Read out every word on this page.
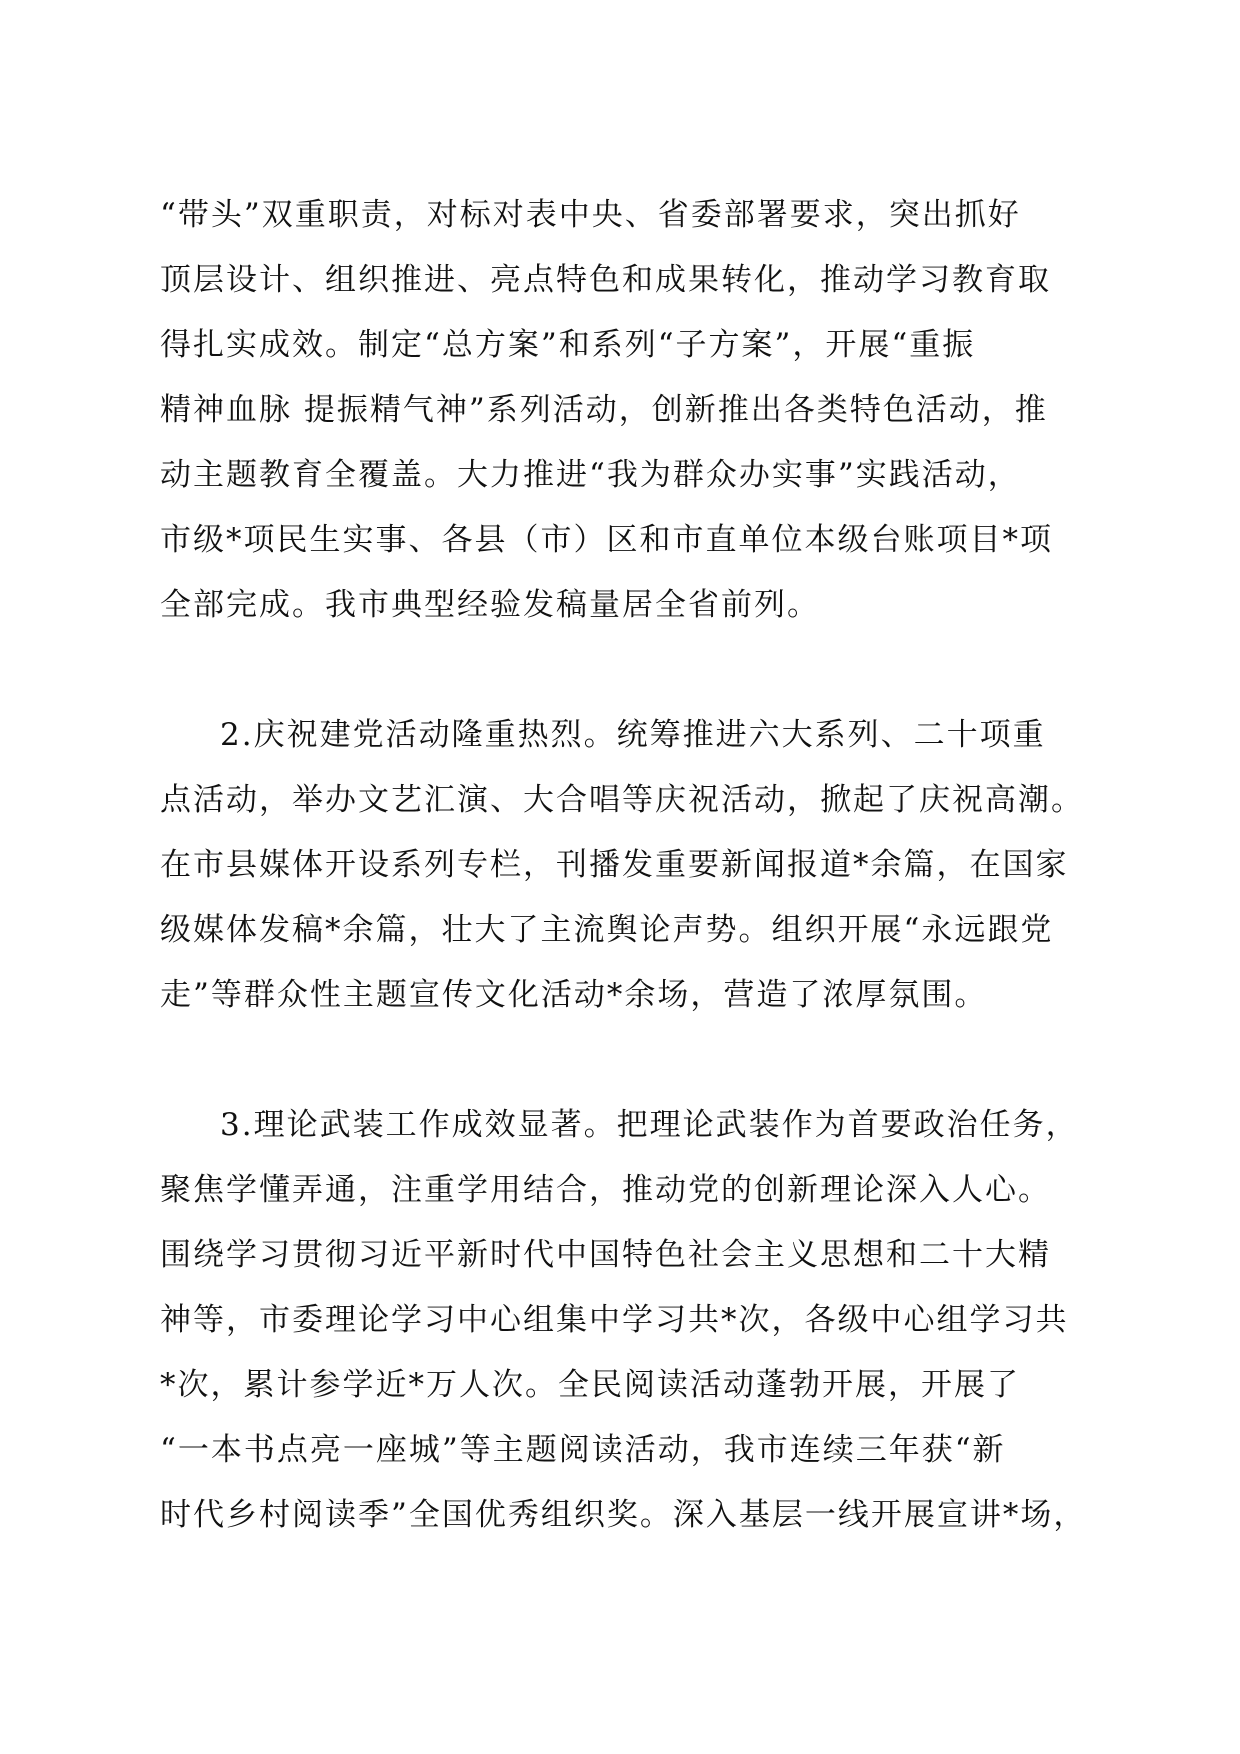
“带头”双重职责，对标对表中央、省委部署要求，突出抓好

顶层设计、组织推进、亮点特色和成果转化，推动学习教育取

得扎实成效。制定“总方案”和系列“子方案”，开展“重振

精神血脉 提振精气神”系列活动，创新推出各类特色活动，推

动主题教育全覆盖。大力推进“我为群众办实事”实践活动，

市级*项民生实事、各县（市）区和市直单位本级台账项目*项

全部完成。我市典型经验发稿量居全省前列。

2.庆祝建党活动隆重热烈。统筹推进六大系列、二十项重

点活动，举办文艺汇演、大合唱等庆祝活动，掀起了庆祝高潮。

在市县媒体开设系列专栏，刊播发重要新闻报道*余篇，在国家

级媒体发稿*余篇，壮大了主流舆论声势。组织开展“永远跟党

走”等群众性主题宣传文化活动*余场，营造了浓厚氛围。

3.理论武装工作成效显著。把理论武装作为首要政治任务，

聚焦学懂弄通，注重学用结合，推动党的创新理论深入人心。

围绕学习贯彻习近平新时代中国特色社会主义思想和二十大精

神等，市委理论学习中心组集中学习共*次，各级中心组学习共

*次，累计参学近*万人次。全民阅读活动蓬勃开展，开展了

“一本书点亮一座城”等主题阅读活动，我市连续三年获“新

时代乡村阅读季”全国优秀组织奖。深入基层一线开展宣讲*场，
